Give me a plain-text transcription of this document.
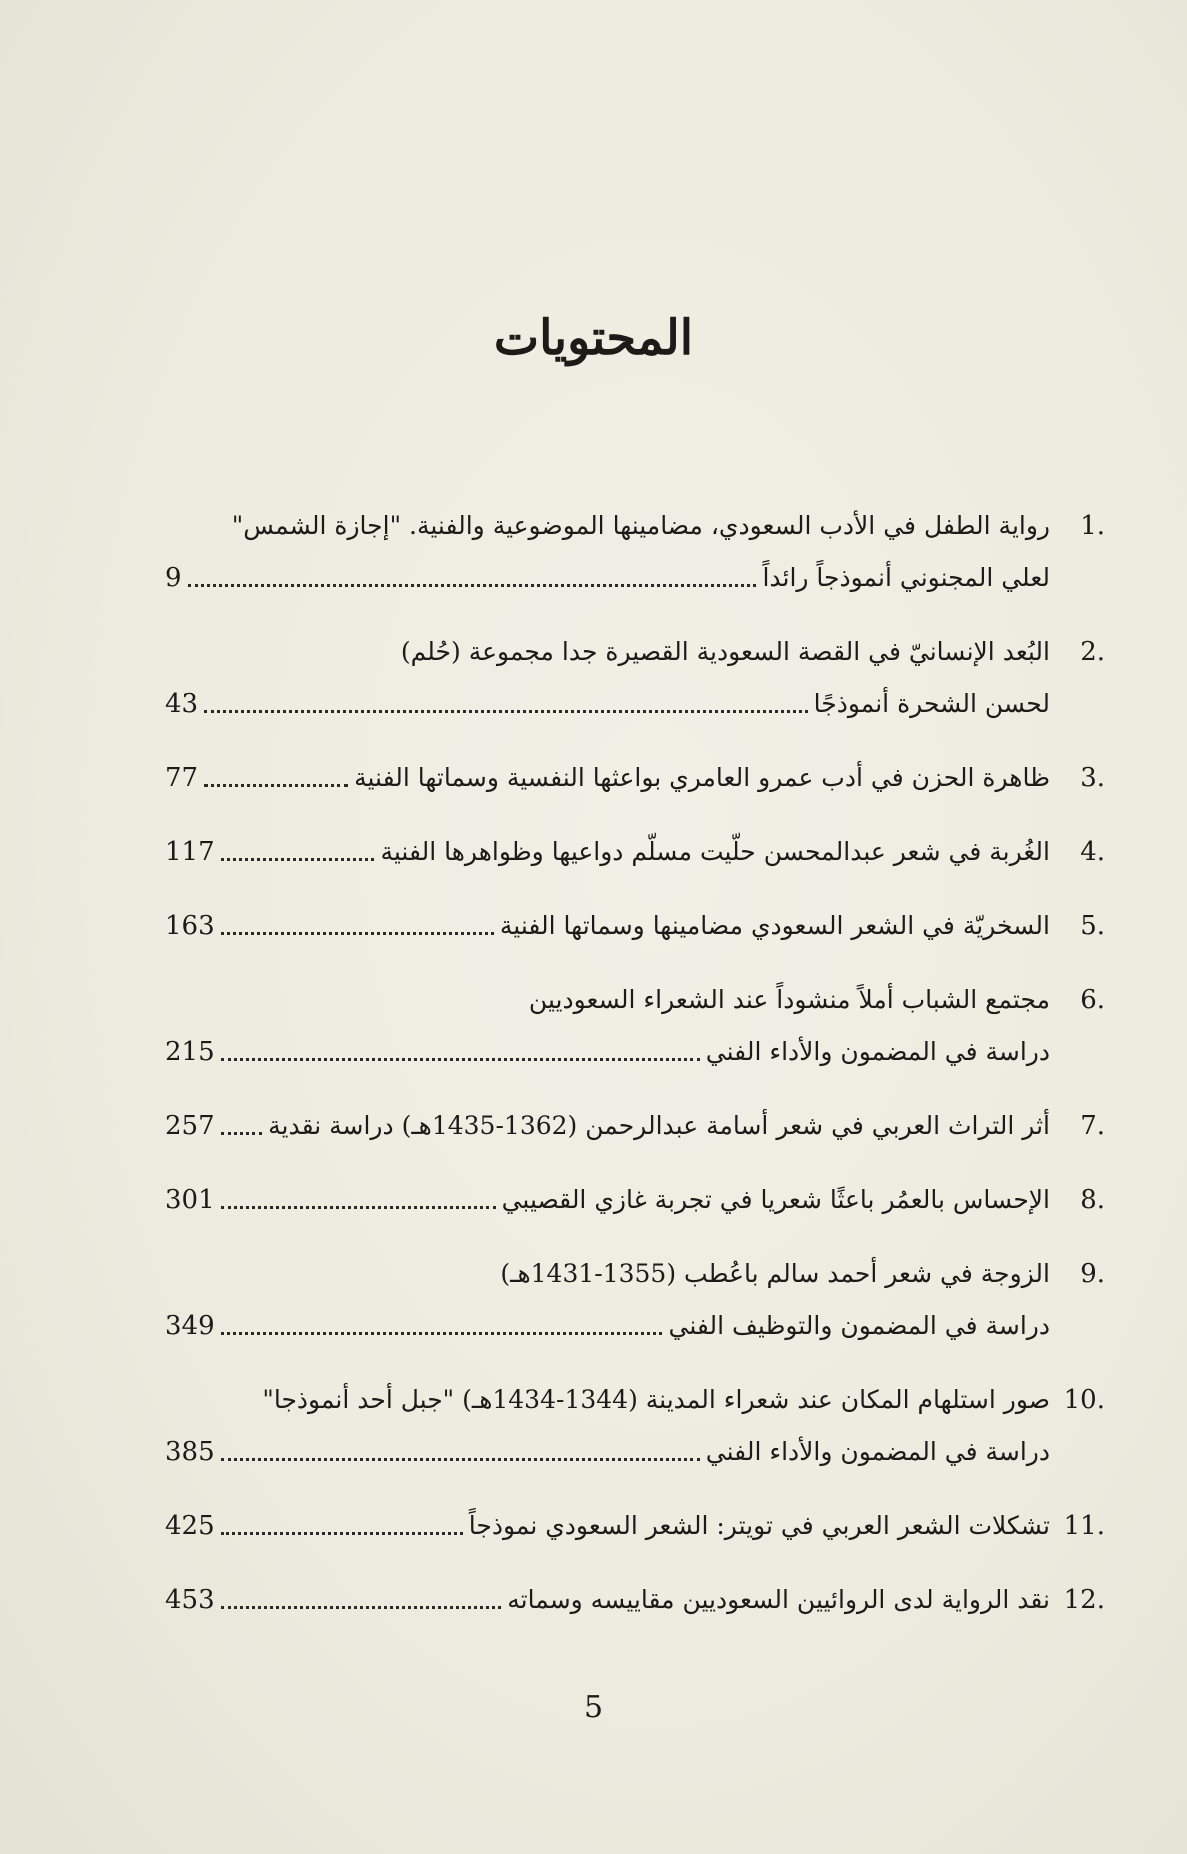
المحتويات
.1
رواية الطفل في الأدب السعودي، مضامينها الموضوعية والفنية. "إجازة الشمس"
لعلي المجنوني أنموذجاً رائداً
9
.2
البُعد الإنسانيّ في القصة السعودية القصيرة جدا مجموعة (حُلم)
لحسن الشحرة أنموذجًا
43
.3
ظاهرة الحزن في أدب عمرو العامري بواعثها النفسية وسماتها الفنية
77
.4
الغُربة في شعر عبدالمحسن حلّيت مسلّم دواعيها وظواهرها الفنية
117
.5
السخريّة في الشعر السعودي مضامينها وسماتها الفنية
163
.6
مجتمع الشباب أملاً منشوداً عند الشعراء السعوديين
دراسة في المضمون والأداء الفني
215
.7
أثر التراث العربي في شعر أسامة عبدالرحمن (1362-1435هـ) دراسة نقدية
257
.8
الإحساس بالعمُر باعثًا شعريا في تجربة غازي القصيبي
301
.9
الزوجة في شعر أحمد سالم باعُطب (1355-1431هـ)
دراسة في المضمون والتوظيف الفني
349
.10
صور استلهام المكان عند شعراء المدينة (1344-1434هـ) "جبل أحد أنموذجا"
دراسة في المضمون والأداء الفني
385
.11
تشكلات الشعر العربي في تويتر: الشعر السعودي نموذجاً
425
.12
نقد الرواية لدى الروائيين السعوديين مقاييسه وسماته
453
5
